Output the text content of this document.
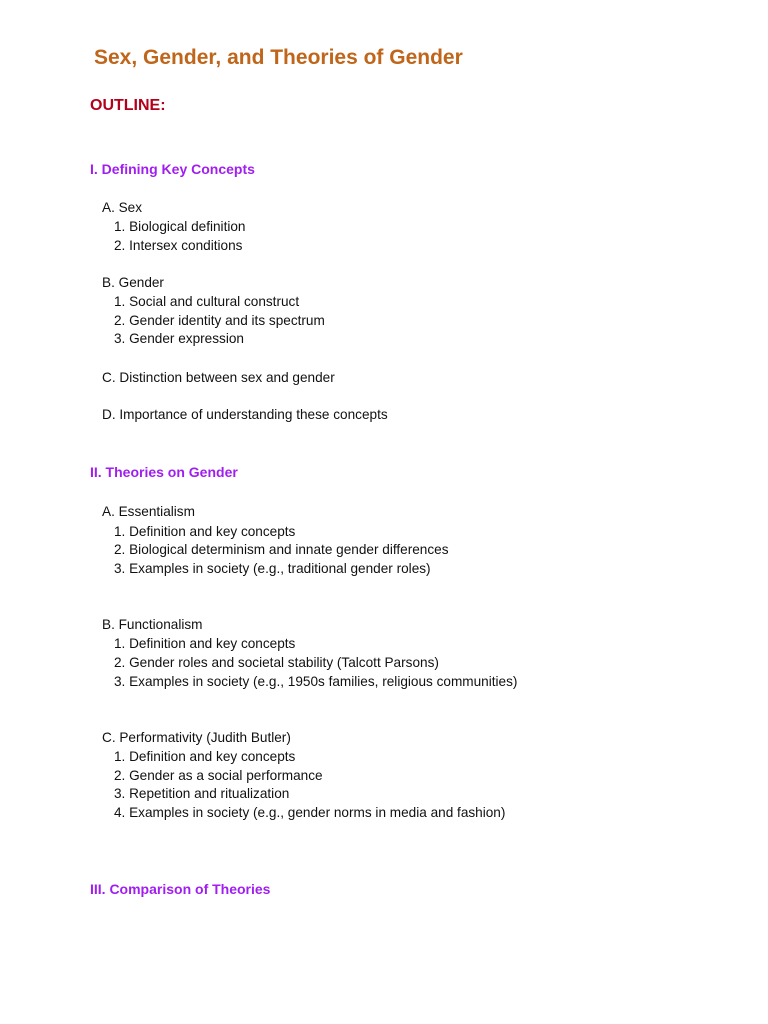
Sex, Gender, and Theories of Gender
OUTLINE:
I. Defining Key Concepts
A. Sex
1. Biological definition
2. Intersex conditions
B. Gender
1. Social and cultural construct
2. Gender identity and its spectrum
3. Gender expression
C. Distinction between sex and gender
D. Importance of understanding these concepts
II. Theories on Gender
A. Essentialism
1. Definition and key concepts
2. Biological determinism and innate gender differences
3. Examples in society (e.g., traditional gender roles)
B. Functionalism
1. Definition and key concepts
2. Gender roles and societal stability (Talcott Parsons)
3. Examples in society (e.g., 1950s families, religious communities)
C. Performativity (Judith Butler)
1. Definition and key concepts
2. Gender as a social performance
3. Repetition and ritualization
4. Examples in society (e.g., gender norms in media and fashion)
III. Comparison of Theories
